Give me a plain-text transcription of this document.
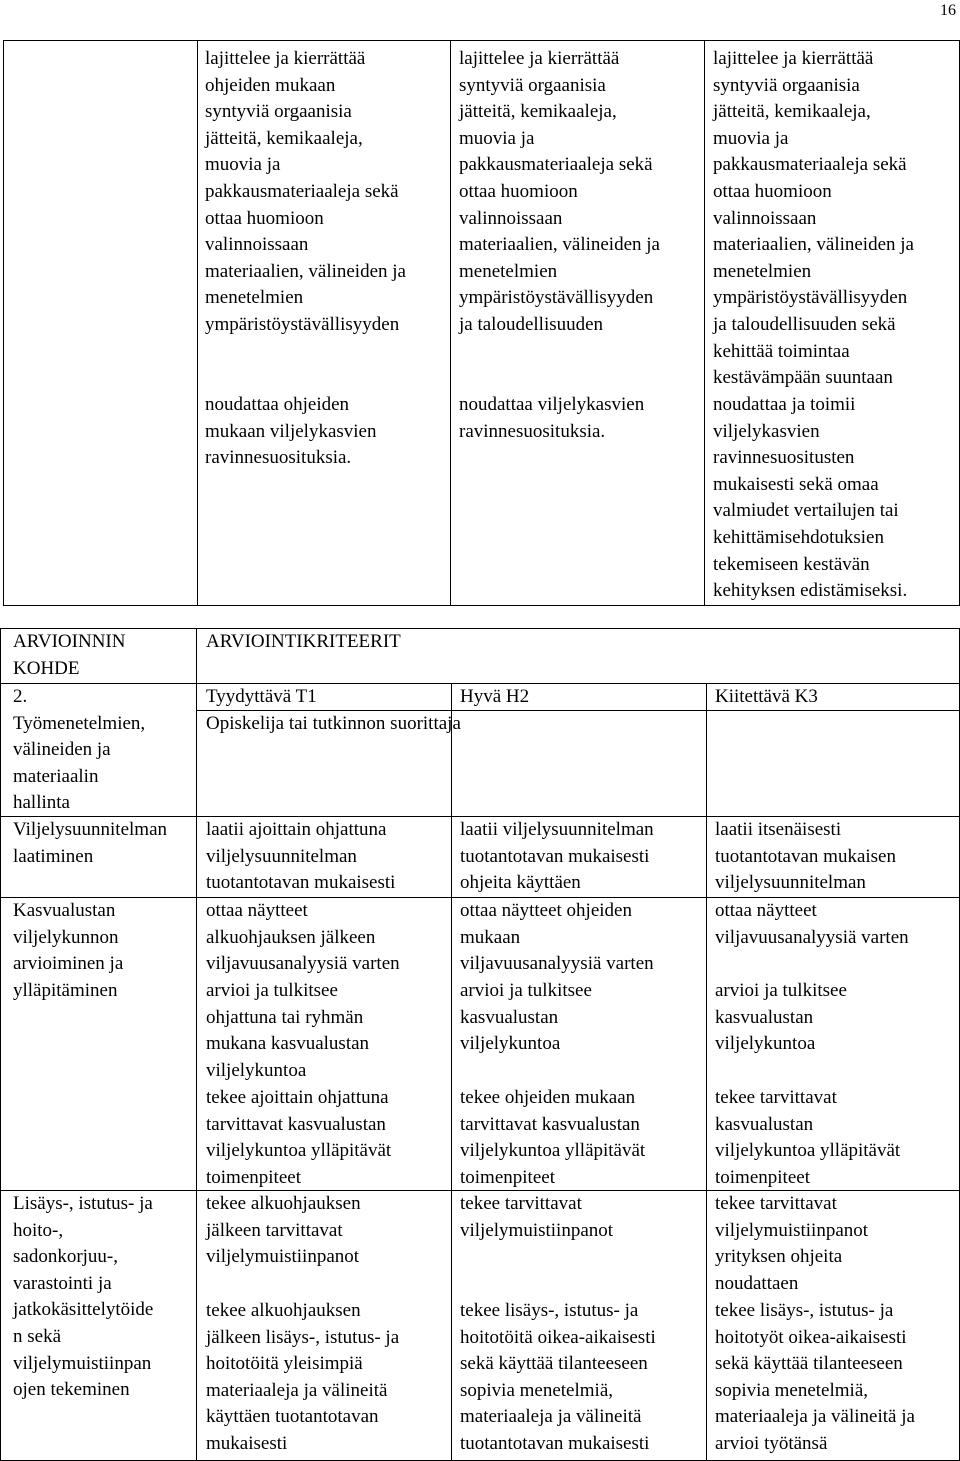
16
lajittelee ja kierrättää
ohjeiden mukaan
syntyviä orgaanisia
jätteitä, kemikaaleja,
muovia ja
pakkausmateriaaleja sekä
ottaa huomioon
valinnoissaan
materiaalien, välineiden ja
menetelmien
ympäristöystävällisyyden
noudattaa ohjeiden
mukaan viljelykasvien
ravinnesuosituksia.
lajittelee ja kierrättää
syntyviä orgaanisia
jätteitä, kemikaaleja,
muovia ja
pakkausmateriaaleja sekä
ottaa huomioon
valinnoissaan
materiaalien, välineiden ja
menetelmien
ympäristöystävällisyyden
ja taloudellisuuden
noudattaa viljelykasvien
ravinnesuosituksia.
lajittelee ja kierrättää
syntyviä orgaanisia
jätteitä, kemikaaleja,
muovia ja
pakkausmateriaaleja sekä
ottaa huomioon
valinnoissaan
materiaalien, välineiden ja
menetelmien
ympäristöystävällisyyden
ja taloudellisuuden sekä
kehittää toimintaa
kestävämpään suuntaan
noudattaa ja toimii
viljelykasvien
ravinnesuositusten
mukaisesti sekä omaa
valmiudet vertailujen tai
kehittämisehdotuksien
tekemiseen kestävän
kehityksen edistämiseksi.
ARVIOINNIN
KOHDE
ARVIOINTIKRITEERIT
2.
Työmenetelmien,
välineiden ja
materiaalin
hallinta
Tyydyttävä T1	Hyvä H2	Kiitettävä K3
Opiskelija tai tutkinnon suorittaja
Viljelysuunnitelman
laatiminen
Kasvualustan
viljelykunnon
arvioiminen ja
ylläpitäminen
Lisäys-, istutus- ja
hoito-,
sadonkorjuu-,
varastointi ja
jatkokäsittelytöide
n sekä
viljelymuistiinpan
ojen tekeminen
laatii ajoittain ohjattuna
viljelysuunnitelman
tuotantotavan mukaisesti
ottaa näytteet
alkuohjauksen jälkeen
viljavuusanalyysiä varten
arvioi ja tulkitsee
ohjattuna tai ryhmän
mukana kasvualustan
viljelykuntoa
tekee ajoittain ohjattuna
tarvittavat kasvualustan
viljelykuntoa ylläpitävät
toimenpiteet
tekee alkuohjauksen
jälkeen tarvittavat
viljelymuistiinpanot
tekee alkuohjauksen
jälkeen lisäys-, istutus- ja
hoitotöitä yleisimpiä
materiaaleja ja välineitä
käyttäen tuotantotavan
mukaisesti
laatii viljelysuunnitelman
tuotantotavan mukaisesti
ohjeita käyttäen
ottaa näytteet ohjeiden
mukaan
viljavuusanalyysiä varten
arvioi ja tulkitsee
kasvualustan
viljelykuntoa
tekee ohjeiden mukaan
tarvittavat kasvualustan
viljelykuntoa ylläpitävät
toimenpiteet
tekee tarvittavat
viljelymuistiinpanot
tekee lisäys-, istutus- ja
hoitotöitä oikea-aikaisesti
sekä käyttää tilanteeseen
sopivia menetelmiä,
materiaaleja ja välineitä
tuotantotavan mukaisesti
laatii itsenäisesti
tuotantotavan mukaisen
viljelysuunnitelman
ottaa näytteet
viljavuusanalyysiä varten
arvioi ja tulkitsee
kasvualustan
viljelykuntoa
tekee tarvittavat
kasvualustan
viljelykuntoa ylläpitävät
toimenpiteet
tekee tarvittavat
viljelymuistiinpanot
yrityksen ohjeita
noudattaen
tekee lisäys-, istutus- ja
hoitotyöt oikea-aikaisesti
sekä käyttää tilanteeseen
sopivia menetelmiä,
materiaaleja ja välineitä ja
arvioi työtänsä
